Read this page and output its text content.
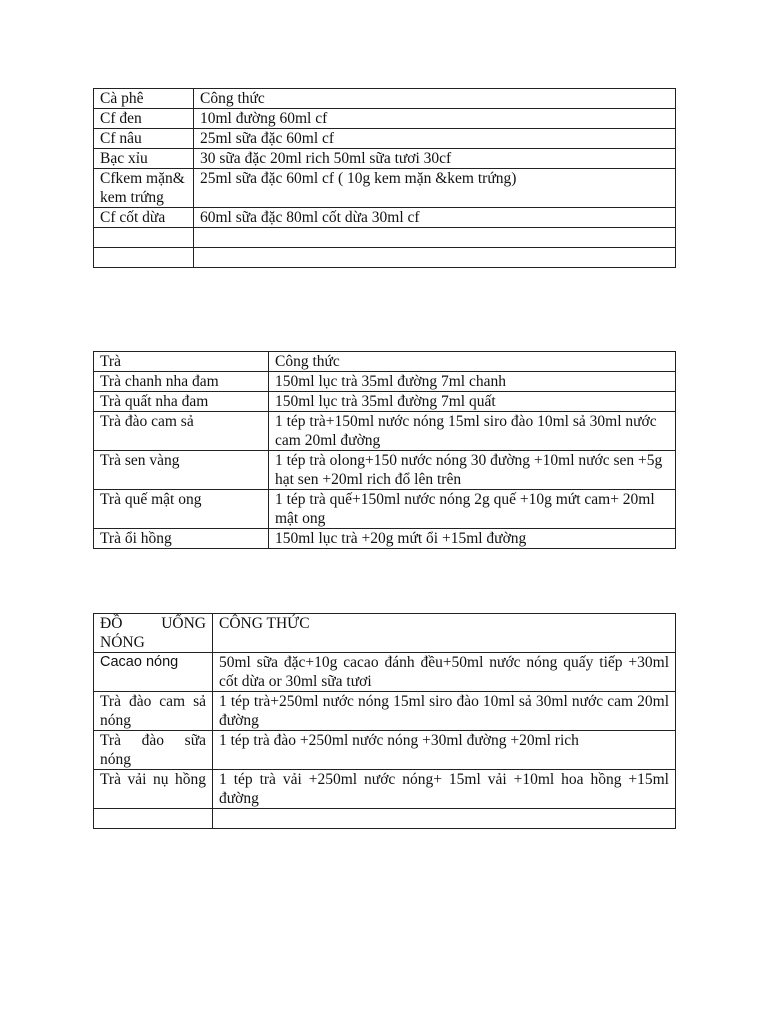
Cà phê	Công thức
Cf đen	10ml đường 60ml cf
Cf nâu	25ml sữa đặc 60ml cf
Bạc xỉu	30 sữa đặc 20ml rich 50ml sữa tươi 30cf
Cfkem mặn& kem trứng	25ml sữa đặc 60ml cf ( 10g kem mặn &kem trứng)
Cf cốt dừa	60ml sữa đặc 80ml cốt dừa 30ml cf

Trà	Công thức
Trà chanh nha đam	150ml lục trà 35ml đường 7ml chanh
Trà quất nha đam	150ml lục trà 35ml đường 7ml quất
Trà đào cam sả	1 tép trà+150ml nước nóng 15ml siro đào 10ml sả 30ml nước cam 20ml đường
Trà sen vàng	1 tép trà olong+150 nước nóng 30 đường +10ml nước sen +5g hạt sen +20ml rich đổ lên trên
Trà quế mật ong	1 tép trà quế+150ml nước nóng 2g quế +10g mứt cam+ 20ml mật ong
Trà ổi hồng	150ml lục trà +20g mứt ổi +15ml đường
ĐỒ UỐNG NÓNG	CÔNG THỨC
Cacao nóng	50ml sữa đặc+10g cacao đánh đều+50ml nước nóng quấy tiếp +30ml cốt dừa or 30ml sữa tươi
Trà đào cam sả nóng	1 tép trà+250ml nước nóng 15ml siro đào 10ml sả 30ml nước cam 20ml đường
Trà đào sữa nóng	1 tép trà đào +250ml nước nóng +30ml đường +20ml rich
Trà vải nụ hồng	1 tép trà vải +250ml nước nóng+ 15ml vải +10ml hoa hồng +15ml đường
